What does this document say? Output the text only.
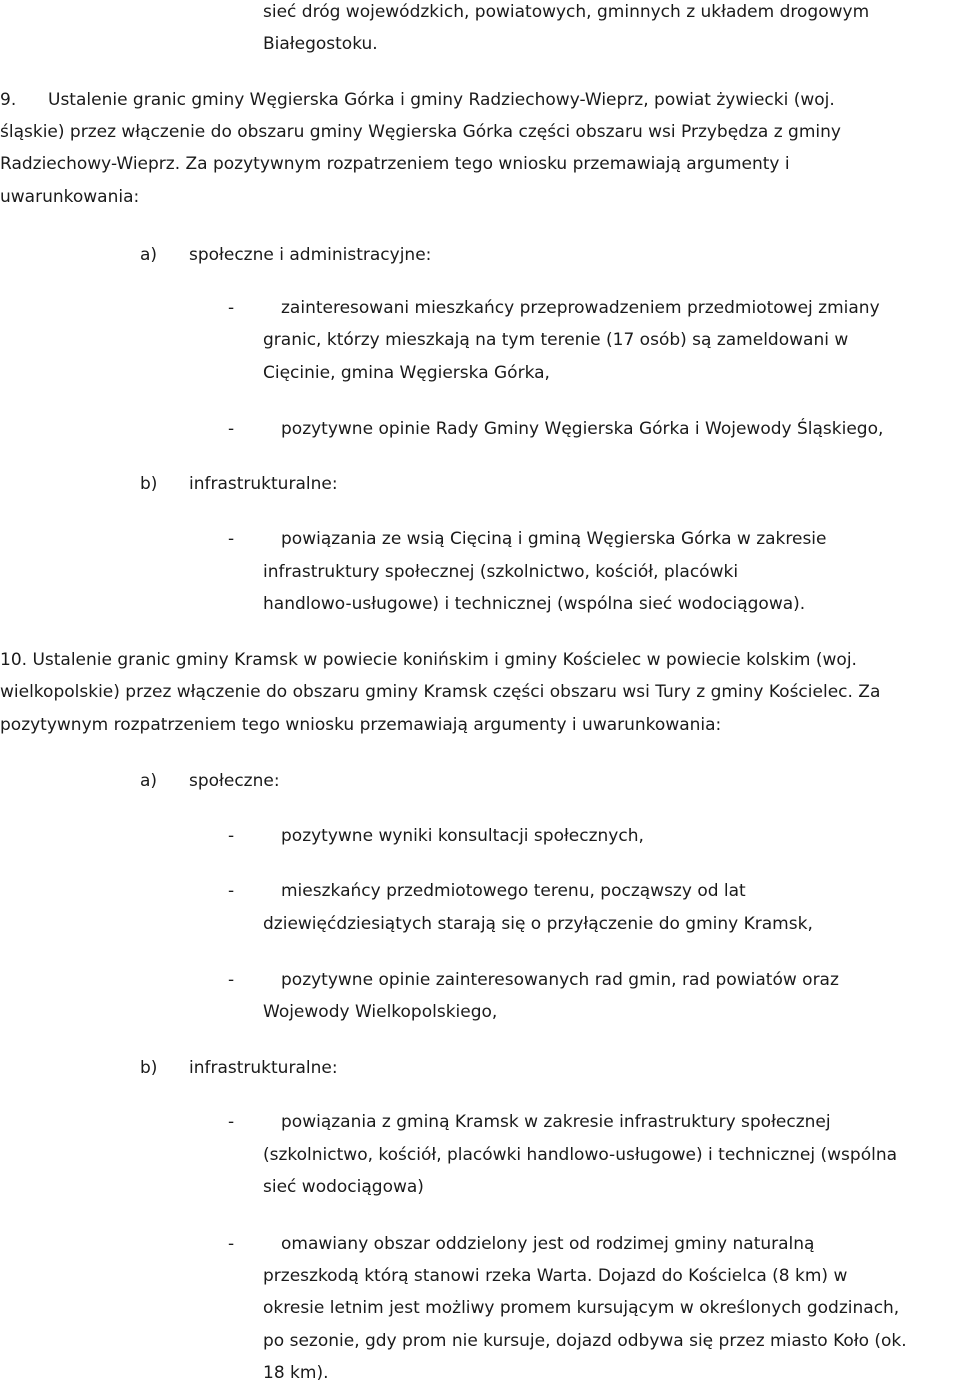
sieć dróg wojewódzkich, powiatowych, gminnych z układem drogowym
Białegostoku.
9. Ustalenie granic gminy Węgierska Górka i gminy Radziechowy-Wieprz, powiat żywiecki (woj.
śląskie) przez włączenie do obszaru gminy Węgierska Górka części obszaru wsi Przybędza z gminy
Radziechowy-Wieprz. Za pozytywnym rozpatrzeniem tego wniosku przemawiają argumenty i
uwarunkowania:
a) społeczne i administracyjne:
-	zainteresowani mieszkańcy przeprowadzeniem przedmiotowej zmiany
granic, którzy mieszkają na tym terenie (17 osób) są zameldowani w
Cięcinie, gmina Węgierska Górka,
-	pozytywne opinie Rady Gminy Węgierska Górka i Wojewody Śląskiego,
b) infrastrukturalne:
-	powiązania ze wsią Cięciną i gminą Węgierska Górka w zakresie
infrastruktury społecznej (szkolnictwo, kościół, placówki
handlowo-usługowe) i technicznej (wspólna sieć wodociągowa).
10. Ustalenie granic gminy Kramsk w powiecie konińskim i gminy Kościelec w powiecie kolskim (woj.
wielkopolskie) przez włączenie do obszaru gminy Kramsk części obszaru wsi Tury z gminy Kościelec. Za
pozytywnym rozpatrzeniem tego wniosku przemawiają argumenty i uwarunkowania:
a) społeczne:
-	pozytywne wyniki konsultacji społecznych,
-	mieszkańcy przedmiotowego terenu, począwszy od lat
dziewięćdziesiątych starają się o przyłączenie do gminy Kramsk,
-	pozytywne opinie zainteresowanych rad gmin, rad powiatów oraz
Wojewody Wielkopolskiego,
b) infrastrukturalne:
-	powiązania z gminą Kramsk w zakresie infrastruktury społecznej
(szkolnictwo, kościół, placówki handlowo-usługowe) i technicznej (wspólna
sieć wodociągowa)
-	omawiany obszar oddzielony jest od rodzimej gminy naturalną
przeszkodą którą stanowi rzeka Warta. Dojazd do Kościelca (8 km) w
okresie letnim jest możliwy promem kursującym w określonych godzinach,
po sezonie, gdy prom nie kursuje, dojazd odbywa się przez miasto Koło (ok.
18 km).
